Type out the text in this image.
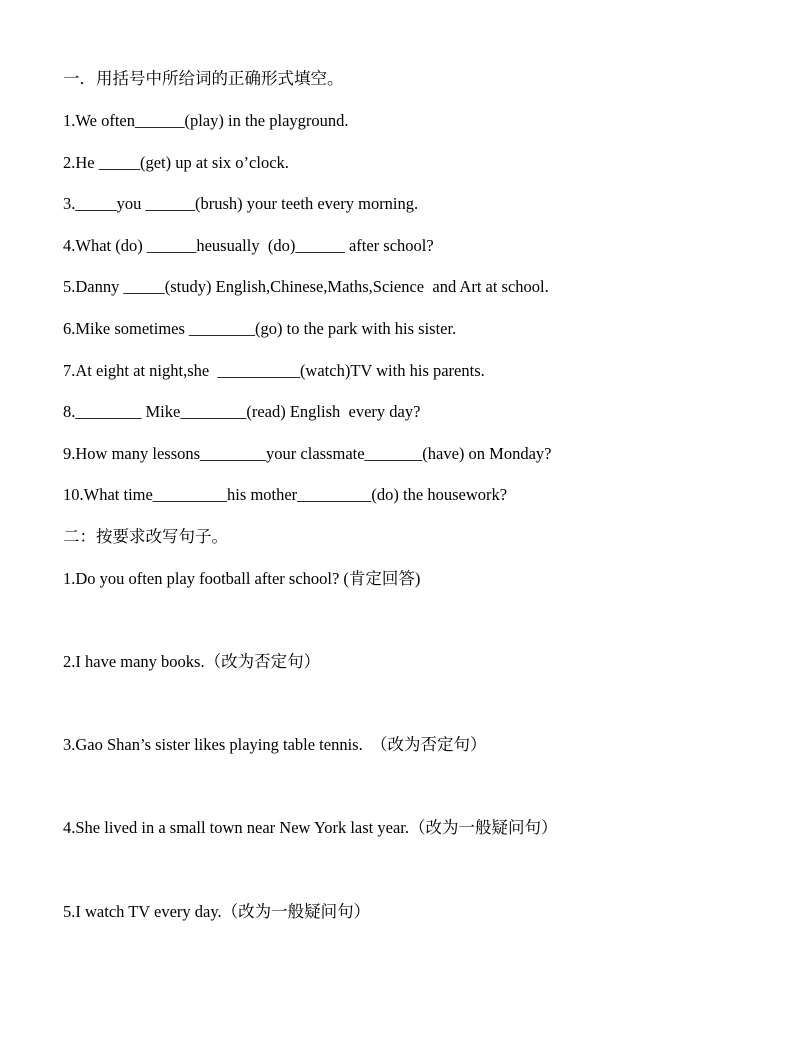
一．用括号中所给词的正确形式填空。
1.We often______(play) in the playground.
2.He _____(get) up at six o’clock.
3._____you ______(brush) your teeth every morning.
4.What (do) ______heusually  (do)______ after school?
5.Danny _____(study) English,Chinese,Maths,Science  and Art at school.
6.Mike sometimes ________(go) to the park with his sister.
7.At eight at night,she  __________(watch)TV with his parents.
8.________ Mike________(read) English  every day?
9.How many lessons________your classmate_______(have) on Monday?
10.What time_________his mother_________(do) the housework?
二：按要求改写句子。
1.Do you often play football after school? (肯定回答)
2.I have many books.（改为否定句）
3.Gao Shan’s sister likes playing table tennis.  （改为否定句）
4.She lived in a small town near New York last year.（改为一般疑问句）
5.I watch TV every day.（改为一般疑问句）
